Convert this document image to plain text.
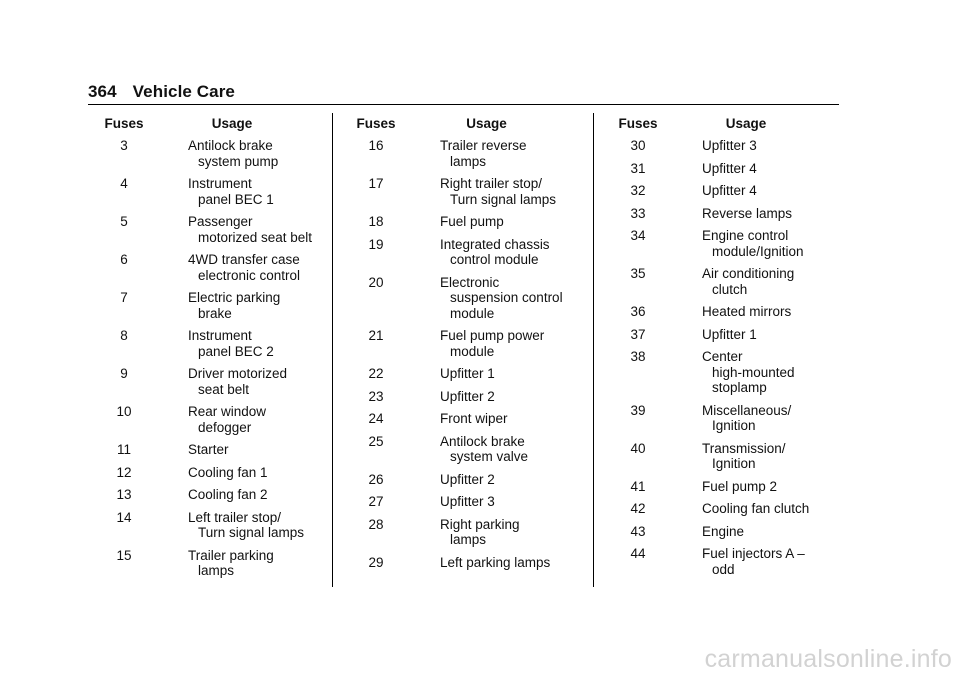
364 Vehicle Care
Fuses	Usage
3	Antilock brake
system pump
4	Instrument
panel BEC 1
5	Passenger
motorized seat belt
6	4WD transfer case
electronic control
7	Electric parking
brake
8	Instrument
panel BEC 2
9	Driver motorized
seat belt
10	Rear window
defogger
11	Starter
12	Cooling fan 1
13	Cooling fan 2
14	Left trailer stop/
Turn signal lamps
15	Trailer parking
lamps
Fuses	Usage
16	Trailer reverse
lamps
17	Right trailer stop/
Turn signal lamps
18	Fuel pump
19	Integrated chassis
control module
20	Electronic
suspension control
module
21	Fuel pump power
module
22	Upfitter 1
23	Upfitter 2
24	Front wiper
25	Antilock brake
system valve
26	Upfitter 2
27	Upfitter 3
28	Right parking
lamps
29	Left parking lamps
Fuses	Usage
30	Upfitter 3
31	Upfitter 4
32	Upfitter 4
33	Reverse lamps
34	Engine control
module/Ignition
35	Air conditioning
clutch
36	Heated mirrors
37	Upfitter 1
38	Center
high-mounted
stoplamp
39	Miscellaneous/
Ignition
40	Transmission/
Ignition
41	Fuel pump 2
42	Cooling fan clutch
43	Engine
44	Fuel injectors A –
odd
carmanualsonline.info
